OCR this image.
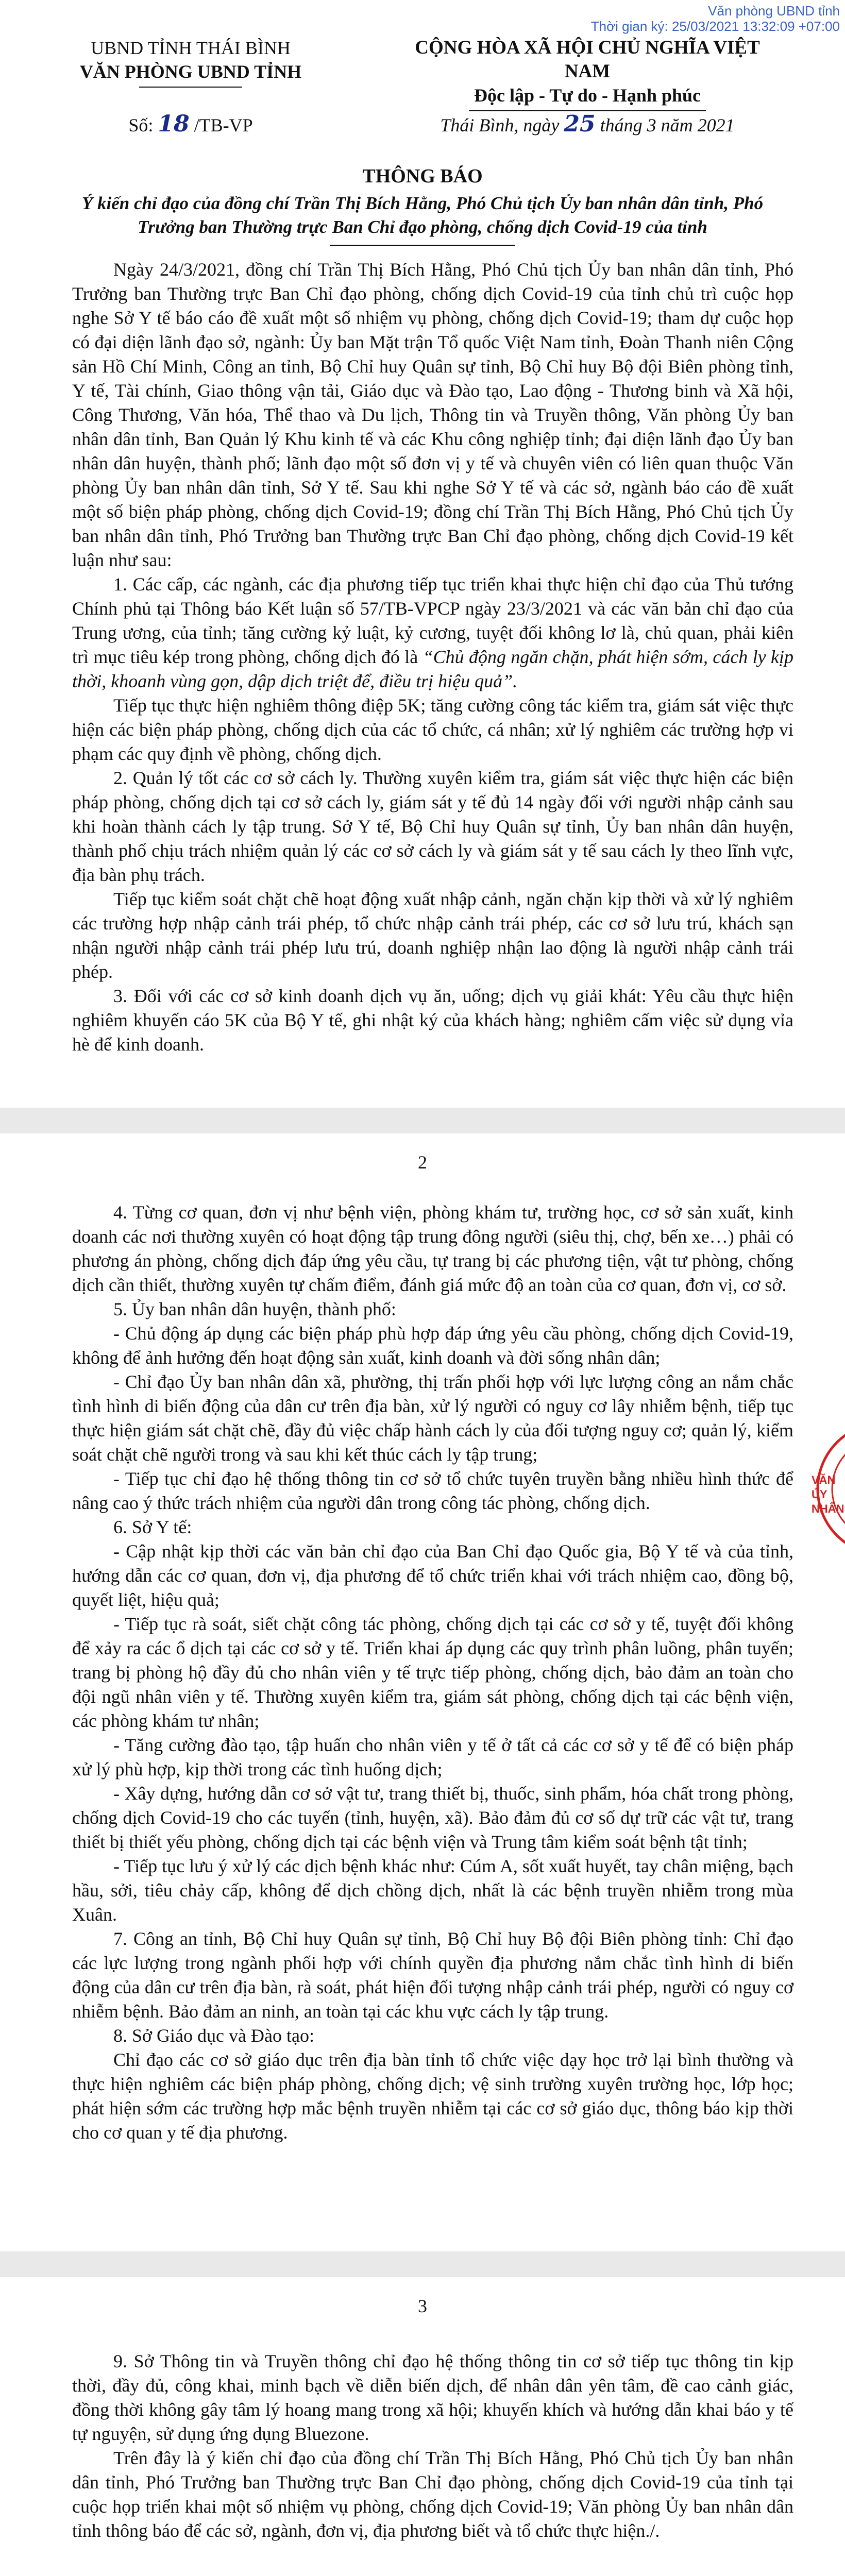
Văn phòng UBND tỉnh
Thời gian ký: 25/03/2021 13:32:09 +07:00
UBND TỈNH THÁI BÌNH
VĂN PHÒNG UBND TỈNH
CỘNG HÒA XÃ HỘI CHỦ NGHĨA VIỆT NAM
Độc lập - Tự do - Hạnh phúc
Số: 18 /TB-VP	Thái Bình, ngày 25 tháng 3 năm 2021
THÔNG BÁO
Ý kiến chỉ đạo của đồng chí Trần Thị Bích Hằng, Phó Chủ tịch Ủy ban nhân dân tỉnh, Phó Trưởng ban Thường trực Ban Chỉ đạo phòng, chống dịch Covid-19 của tỉnh

Ngày 24/3/2021, đồng chí Trần Thị Bích Hằng, Phó Chủ tịch Ủy ban nhân dân tỉnh, Phó Trưởng ban Thường trực Ban Chỉ đạo phòng, chống dịch Covid-19 của tỉnh chủ trì cuộc họp nghe Sở Y tế báo cáo đề xuất một số nhiệm vụ phòng, chống dịch Covid-19; tham dự cuộc họp có đại diện lãnh đạo sở, ngành: Ủy ban Mặt trận Tổ quốc Việt Nam tỉnh, Đoàn Thanh niên Cộng sản Hồ Chí Minh, Công an tỉnh, Bộ Chỉ huy Quân sự tỉnh, Bộ Chỉ huy Bộ đội Biên phòng tỉnh, Y tế, Tài chính, Giao thông vận tải, Giáo dục và Đào tạo, Lao động - Thương binh và Xã hội, Công Thương, Văn hóa, Thể thao và Du lịch, Thông tin và Truyền thông, Văn phòng Ủy ban nhân dân tỉnh, Ban Quản lý Khu kinh tế và các Khu công nghiệp tỉnh; đại diện lãnh đạo Ủy ban nhân dân huyện, thành phố; lãnh đạo một số đơn vị y tế và chuyên viên có liên quan thuộc Văn phòng Ủy ban nhân dân tỉnh, Sở Y tế. Sau khi nghe Sở Y tế và các sở, ngành báo cáo đề xuất một số biện pháp phòng, chống dịch Covid-19; đồng chí Trần Thị Bích Hằng, Phó Chủ tịch Ủy ban nhân dân tỉnh, Phó Trưởng ban Thường trực Ban Chỉ đạo phòng, chống dịch Covid-19 kết luận như sau:

1. Các cấp, các ngành, các địa phương tiếp tục triển khai thực hiện chỉ đạo của Thủ tướng Chính phủ tại Thông báo Kết luận số 57/TB-VPCP ngày 23/3/2021 và các văn bản chỉ đạo của Trung ương, của tỉnh; tăng cường kỷ luật, kỷ cương, tuyệt đối không lơ là, chủ quan, phải kiên trì mục tiêu kép trong phòng, chống dịch đó là “Chủ động ngăn chặn, phát hiện sớm, cách ly kịp thời, khoanh vùng gọn, dập dịch triệt để, điều trị hiệu quả”.

Tiếp tục thực hiện nghiêm thông điệp 5K; tăng cường công tác kiểm tra, giám sát việc thực hiện các biện pháp phòng, chống dịch của các tổ chức, cá nhân; xử lý nghiêm các trường hợp vi phạm các quy định về phòng, chống dịch.

2. Quản lý tốt các cơ sở cách ly. Thường xuyên kiểm tra, giám sát việc thực hiện các biện pháp phòng, chống dịch tại cơ sở cách ly, giám sát y tế đủ 14 ngày đối với người nhập cảnh sau khi hoàn thành cách ly tập trung. Sở Y tế, Bộ Chỉ huy Quân sự tỉnh, Ủy ban nhân dân huyện, thành phố chịu trách nhiệm quản lý các cơ sở cách ly và giám sát y tế sau cách ly theo lĩnh vực, địa bàn phụ trách.

Tiếp tục kiểm soát chặt chẽ hoạt động xuất nhập cảnh, ngăn chặn kịp thời và xử lý nghiêm các trường hợp nhập cảnh trái phép, tổ chức nhập cảnh trái phép, các cơ sở lưu trú, khách sạn nhận người nhập cảnh trái phép lưu trú, doanh nghiệp nhận lao động là người nhập cảnh trái phép.

3. Đối với các cơ sở kinh doanh dịch vụ ăn, uống; dịch vụ giải khát: Yêu cầu thực hiện nghiêm khuyến cáo 5K của Bộ Y tế, ghi nhật ký của khách hàng; nghiêm cấm việc sử dụng vỉa hè để kinh doanh.

2

4. Từng cơ quan, đơn vị như bệnh viện, phòng khám tư, trường học, cơ sở sản xuất, kinh doanh các nơi thường xuyên có hoạt động tập trung đông người (siêu thị, chợ, bến xe…) phải có phương án phòng, chống dịch đáp ứng yêu cầu, tự trang bị các phương tiện, vật tư phòng, chống dịch cần thiết, thường xuyên tự chấm điểm, đánh giá mức độ an toàn của cơ quan, đơn vị, cơ sở.

5. Ủy ban nhân dân huyện, thành phố:

- Chủ động áp dụng các biện pháp phù hợp đáp ứng yêu cầu phòng, chống dịch Covid-19, không để ảnh hưởng đến hoạt động sản xuất, kinh doanh và đời sống nhân dân;

- Chỉ đạo Ủy ban nhân dân xã, phường, thị trấn phối hợp với lực lượng công an nắm chắc tình hình di biến động của dân cư trên địa bàn, xử lý người có nguy cơ lây nhiễm bệnh, tiếp tục thực hiện giám sát chặt chẽ, đầy đủ việc chấp hành cách ly của đối tượng nguy cơ; quản lý, kiểm soát chặt chẽ người trong và sau khi kết thúc cách ly tập trung;

- Tiếp tục chỉ đạo hệ thống thông tin cơ sở tổ chức tuyên truyền bằng nhiều hình thức để nâng cao ý thức trách nhiệm của người dân trong công tác phòng, chống dịch.

6. Sở Y tế:

- Cập nhật kịp thời các văn bản chỉ đạo của Ban Chỉ đạo Quốc gia, Bộ Y tế và của tỉnh, hướng dẫn các cơ quan, đơn vị, địa phương để tổ chức triển khai với trách nhiệm cao, đồng bộ, quyết liệt, hiệu quả;

- Tiếp tục rà soát, siết chặt công tác phòng, chống dịch tại các cơ sở y tế, tuyệt đối không để xảy ra các ổ dịch tại các cơ sở y tế. Triển khai áp dụng các quy trình phân luồng, phân tuyến; trang bị phòng hộ đầy đủ cho nhân viên y tế trực tiếp phòng, chống dịch, bảo đảm an toàn cho đội ngũ nhân viên y tế. Thường xuyên kiểm tra, giám sát phòng, chống dịch tại các bệnh viện, các phòng khám tư nhân;

- Tăng cường đào tạo, tập huấn cho nhân viên y tế ở tất cả các cơ sở y tế để có biện pháp xử lý phù hợp, kịp thời trong các tình huống dịch;

- Xây dựng, hướng dẫn cơ sở vật tư, trang thiết bị, thuốc, sinh phẩm, hóa chất trong phòng, chống dịch Covid-19 cho các tuyến (tỉnh, huyện, xã). Bảo đảm đủ cơ số dự trữ các vật tư, trang thiết bị thiết yếu phòng, chống dịch tại các bệnh viện và Trung tâm kiểm soát bệnh tật tỉnh;

- Tiếp tục lưu ý xử lý các dịch bệnh khác như: Cúm A, sốt xuất huyết, tay chân miệng, bạch hầu, sởi, tiêu chảy cấp, không để dịch chồng dịch, nhất là các bệnh truyền nhiễm trong mùa Xuân.

7. Công an tỉnh, Bộ Chỉ huy Quân sự tỉnh, Bộ Chỉ huy Bộ đội Biên phòng tỉnh: Chỉ đạo các lực lượng trong ngành phối hợp với chính quyền địa phương nắm chắc tình hình di biến động của dân cư trên địa bàn, rà soát, phát hiện đối tượng nhập cảnh trái phép, người có nguy cơ nhiễm bệnh. Bảo đảm an ninh, an toàn tại các khu vực cách ly tập trung.

8. Sở Giáo dục và Đào tạo:

Chỉ đạo các cơ sở giáo dục trên địa bàn tỉnh tổ chức việc dạy học trở lại bình thường và thực hiện nghiêm các biện pháp phòng, chống dịch; vệ sinh trường xuyên trường học, lớp học; phát hiện sớm các trường hợp mắc bệnh truyền nhiễm tại các cơ sở giáo dục, thông báo kịp thời cho cơ quan y tế địa phương.

VĂN
ỦY
NHÂN
3

9. Sở Thông tin và Truyền thông chỉ đạo hệ thống thông tin cơ sở tiếp tục thông tin kịp thời, đầy đủ, công khai, minh bạch về diễn biến dịch, để nhân dân yên tâm, đề cao cảnh giác, đồng thời không gây tâm lý hoang mang trong xã hội; khuyến khích và hướng dẫn khai báo y tế tự nguyện, sử dụng ứng dụng Bluezone.

Trên đây là ý kiến chỉ đạo của đồng chí Trần Thị Bích Hằng, Phó Chủ tịch Ủy ban nhân dân tỉnh, Phó Trưởng ban Thường trực Ban Chỉ đạo phòng, chống dịch Covid-19 của tỉnh tại cuộc họp triển khai một số nhiệm vụ phòng, chống dịch Covid-19; Văn phòng Ủy ban nhân dân tỉnh thông báo để các sở, ngành, đơn vị, địa phương biết và tổ chức thực hiện./.
